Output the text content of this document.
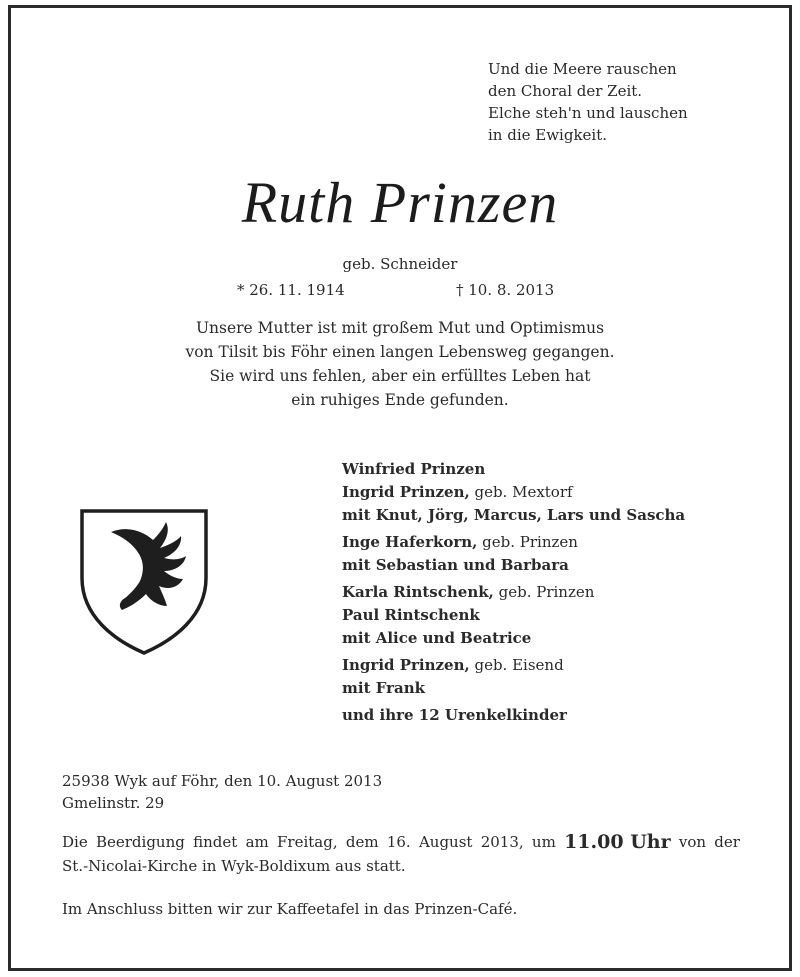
Und die Meere rauschen
den Choral der Zeit.
Elche steh'n und lauschen
in die Ewigkeit.
Ruth Prinzen
geb. Schneider
* 26. 11. 1914	† 10. 8. 2013
Unsere Mutter ist mit großem Mut und Optimismus
von Tilsit bis Föhr einen langen Lebensweg gegangen.
Sie wird uns fehlen, aber ein erfülltes Leben hat
ein ruhiges Ende gefunden.
Winfried Prinzen
Ingrid Prinzen, geb. Mextorf
mit Knut, Jörg, Marcus, Lars und Sascha
Inge Haferkorn, geb. Prinzen
mit Sebastian und Barbara
Karla Rintschenk, geb. Prinzen
Paul Rintschenk
mit Alice und Beatrice
Ingrid Prinzen, geb. Eisend
mit Frank
und ihre 12 Urenkelkinder
25938 Wyk auf Föhr, den 10. August 2013
Gmelinstr. 29
Die Beerdigung findet am Freitag, dem 16. August 2013, um 11.00 Uhr von der
St.-Nicolai-Kirche in Wyk-Boldixum aus statt.
Im Anschluss bitten wir zur Kaffeetafel in das Prinzen-Café.
